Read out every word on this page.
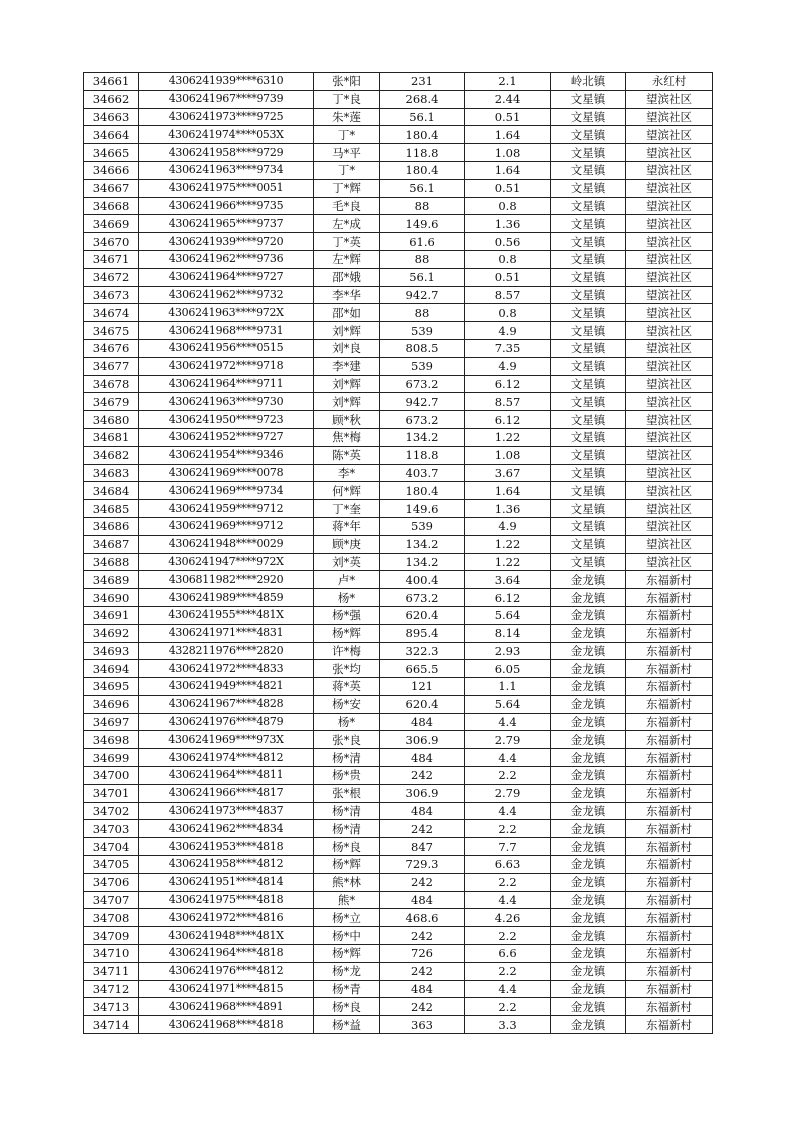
34661	4306241939****6310	张*阳	231	2.1	岭北镇	永红村
34662	4306241967****9739	丁*良	268.4	2.44	文星镇	望滨社区
34663	4306241973****9725	朱*莲	56.1	0.51	文星镇	望滨社区
34664	4306241974****053X	丁*	180.4	1.64	文星镇	望滨社区
34665	4306241958****9729	马*平	118.8	1.08	文星镇	望滨社区
34666	4306241963****9734	丁*	180.4	1.64	文星镇	望滨社区
34667	4306241975****0051	丁*辉	56.1	0.51	文星镇	望滨社区
34668	4306241966****9735	毛*良	88	0.8	文星镇	望滨社区
34669	4306241965****9737	左*成	149.6	1.36	文星镇	望滨社区
34670	4306241939****9720	丁*英	61.6	0.56	文星镇	望滨社区
34671	4306241962****9736	左*辉	88	0.8	文星镇	望滨社区
34672	4306241964****9727	邵*娥	56.1	0.51	文星镇	望滨社区
34673	4306241962****9732	李*华	942.7	8.57	文星镇	望滨社区
34674	4306241963****972X	邵*如	88	0.8	文星镇	望滨社区
34675	4306241968****9731	刘*辉	539	4.9	文星镇	望滨社区
34676	4306241956****0515	刘*良	808.5	7.35	文星镇	望滨社区
34677	4306241972****9718	李*建	539	4.9	文星镇	望滨社区
34678	4306241964****9711	刘*辉	673.2	6.12	文星镇	望滨社区
34679	4306241963****9730	刘*辉	942.7	8.57	文星镇	望滨社区
34680	4306241950****9723	顾*秋	673.2	6.12	文星镇	望滨社区
34681	4306241952****9727	焦*梅	134.2	1.22	文星镇	望滨社区
34682	4306241954****9346	陈*英	118.8	1.08	文星镇	望滨社区
34683	4306241969****0078	李*	403.7	3.67	文星镇	望滨社区
34684	4306241969****9734	何*辉	180.4	1.64	文星镇	望滨社区
34685	4306241959****9712	丁*奎	149.6	1.36	文星镇	望滨社区
34686	4306241969****9712	蒋*年	539	4.9	文星镇	望滨社区
34687	4306241948****0029	顾*庚	134.2	1.22	文星镇	望滨社区
34688	4306241947****972X	刘*英	134.2	1.22	文星镇	望滨社区
34689	4306811982****2920	卢*	400.4	3.64	金龙镇	东福新村
34690	4306241989****4859	杨*	673.2	6.12	金龙镇	东福新村
34691	4306241955****481X	杨*强	620.4	5.64	金龙镇	东福新村
34692	4306241971****4831	杨*辉	895.4	8.14	金龙镇	东福新村
34693	4328211976****2820	许*梅	322.3	2.93	金龙镇	东福新村
34694	4306241972****4833	张*均	665.5	6.05	金龙镇	东福新村
34695	4306241949****4821	蒋*英	121	1.1	金龙镇	东福新村
34696	4306241967****4828	杨*安	620.4	5.64	金龙镇	东福新村
34697	4306241976****4879	杨*	484	4.4	金龙镇	东福新村
34698	4306241969****973X	张*良	306.9	2.79	金龙镇	东福新村
34699	4306241974****4812	杨*清	484	4.4	金龙镇	东福新村
34700	4306241964****4811	杨*贵	242	2.2	金龙镇	东福新村
34701	4306241966****4817	张*根	306.9	2.79	金龙镇	东福新村
34702	4306241973****4837	杨*清	484	4.4	金龙镇	东福新村
34703	4306241962****4834	杨*清	242	2.2	金龙镇	东福新村
34704	4306241953****4818	杨*良	847	7.7	金龙镇	东福新村
34705	4306241958****4812	杨*辉	729.3	6.63	金龙镇	东福新村
34706	4306241951****4814	熊*林	242	2.2	金龙镇	东福新村
34707	4306241975****4818	熊*	484	4.4	金龙镇	东福新村
34708	4306241972****4816	杨*立	468.6	4.26	金龙镇	东福新村
34709	4306241948****481X	杨*中	242	2.2	金龙镇	东福新村
34710	4306241964****4818	杨*辉	726	6.6	金龙镇	东福新村
34711	4306241976****4812	杨*龙	242	2.2	金龙镇	东福新村
34712	4306241971****4815	杨*青	484	4.4	金龙镇	东福新村
34713	4306241968****4891	杨*良	242	2.2	金龙镇	东福新村
34714	4306241968****4818	杨*益	363	3.3	金龙镇	东福新村
